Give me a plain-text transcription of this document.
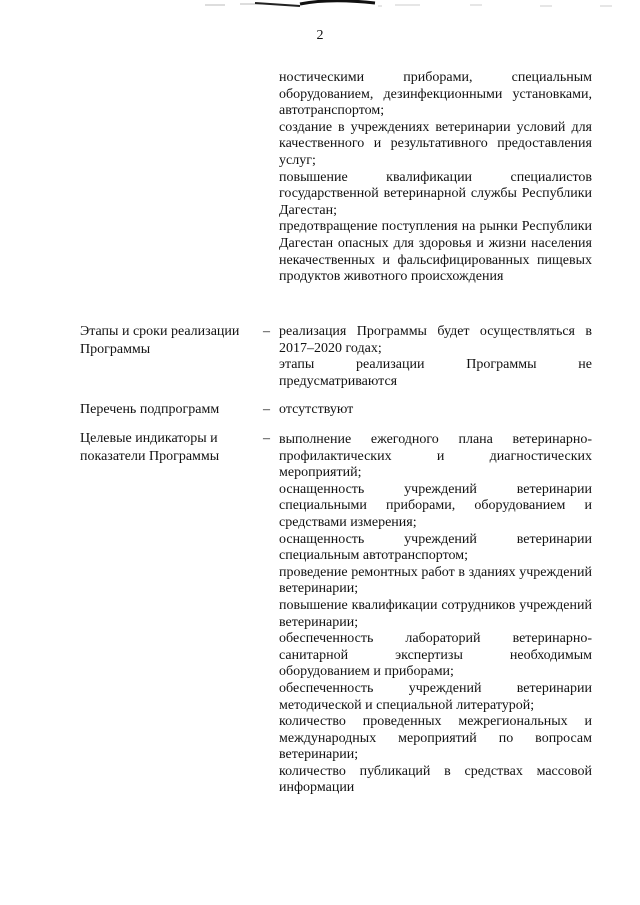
2

ностическими приборами, специальным оборудованием, дезинфекционными установками, автотранспортом;

создание в учреждениях ветеринарии условий для качественного и результативного предоставления услуг;

повышение квалификации специалистов государственной ветеринарной службы Республики Дагестан;

предотвращение поступления на рынки Республики Дагестан опасных для здоровья и жизни населения некачественных и фальсифицированных пищевых продуктов животного происхождения

Этапы и сроки реализации Программы
– реализация Программы будет осуществляться в 2017–2020 годах;

этапы реализации Программы не предусматриваются

Перечень подпрограмм	– отсутствуют

Целевые индикаторы и показатели Программы
– выполнение ежегодного плана ветеринарно-профилактических и диагностических мероприятий;

оснащенность учреждений ветеринарии специальными приборами, оборудованием и средствами измерения;

оснащенность учреждений ветеринарии специальным автотранспортом;

проведение ремонтных работ в зданиях учреждений ветеринарии;

повышение квалификации сотрудников учреждений ветеринарии;

обеспеченность лабораторий ветеринарно-санитарной экспертизы необходимым оборудованием и приборами;

обеспеченность учреждений ветеринарии методической и специальной литературой;

количество проведенных межрегиональных и международных мероприятий по вопросам ветеринарии;

количество публикаций в средствах массовой информации
